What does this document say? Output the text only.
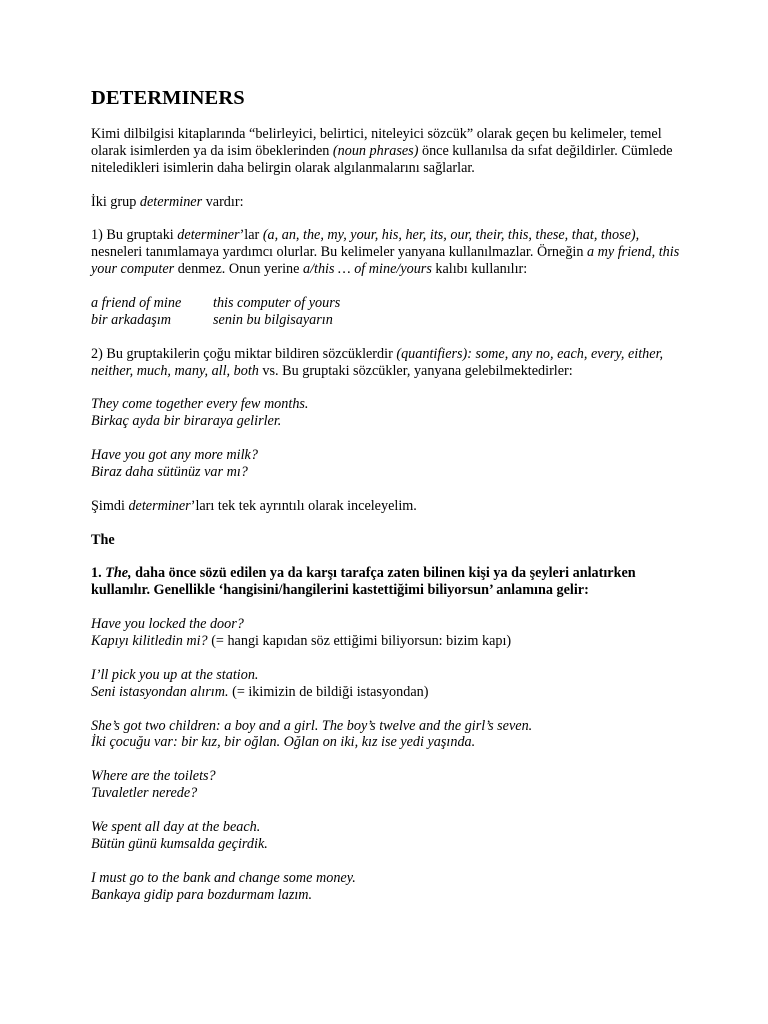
DETERMINERS

Kimi dilbilgisi kitaplarında “belirleyici, belirtici, niteleyici sözcük” olarak geçen bu kelimeler, temel olarak isimlerden ya da isim öbeklerinden (noun phrases) önce kullanılsa da sıfat değildirler. Cümlede niteledikleri isimlerin daha belirgin olarak algılanmalarını sağlarlar.

İki grup determiner vardır:

1) Bu gruptaki determiner’lar (a, an, the, my, your, his, her, its, our, their, this, these, that, those), nesneleri tanımlamaya yardımcı olurlar. Bu kelimeler yanyana kullanılmazlar. Örneğin a my friend, this your computer denmez. Onun yerine a/this … of mine/yours kalıbı kullanılır:

a friend of mine	this computer of yours
bir arkadaşım	senin bu bilgisayarın

2) Bu gruptakilerin çoğu miktar bildiren sözcüklerdir (quantifiers): some, any no, each, every, either, neither, much, many, all, both vs. Bu gruptaki sözcükler, yanyana gelebilmektedirler:

They come together every few months.
Birkaç ayda bir biraraya gelirler.

Have you got any more milk?
Biraz daha sütünüz var mı?

Şimdi determiner’ları tek tek ayrıntılı olarak inceleyelim.

The

1. The, daha önce sözü edilen ya da karşı tarafça zaten bilinen kişi ya da şeyleri anlatırken kullanılır. Genellikle ‘hangisini/hangilerini kastettiğimi biliyorsun’ anlamına gelir:

Have you locked the door?
Kapıyı kilitledin mi? (= hangi kapıdan söz ettiğimi biliyorsun: bizim kapı)

I’ll pick you up at the station.
Seni istasyondan alırım. (= ikimizin de bildiği istasyondan)

She’s got two children: a boy and a girl. The boy’s twelve and the girl’s seven.
İki çocuğu var: bir kız, bir oğlan. Oğlan on iki, kız ise yedi yaşında.

Where are the toilets?
Tuvaletler nerede?

We spent all day at the beach.
Bütün günü kumsalda geçirdik.

I must go to the bank and change some money.
Bankaya gidip para bozdurmam lazım.
